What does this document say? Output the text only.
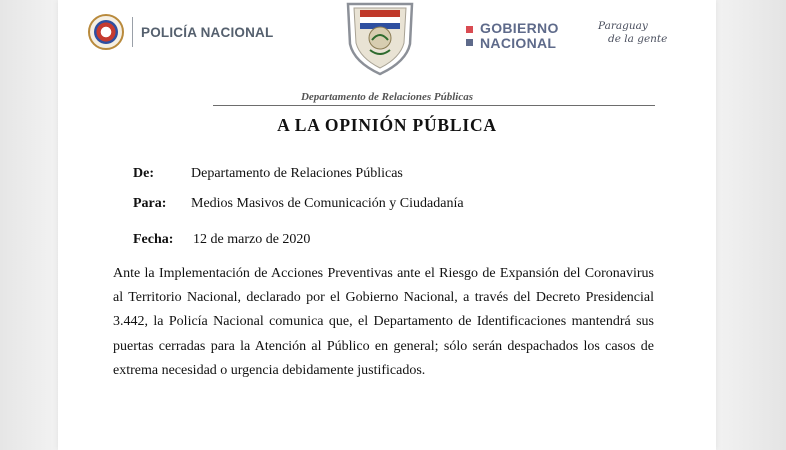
POLICÍA NACIONAL	GOBIERNO
NACIONAL
Paraguay
de la gente
Departamento de Relaciones Públicas
A LA OPINIÓN PÚBLICA
De:	Departamento de Relaciones Públicas
Para: Medios Masivos de Comunicación y Ciudadanía
Fecha: 12 de marzo de 2020
Ante la Implementación de Acciones Preventivas ante el Riesgo de Expansión del Coronavirus al Territorio Nacional, declarado por el Gobierno Nacional, a través del Decreto Presidencial 3.442, la Policía Nacional comunica que, el Departamento de Identificaciones mantendrá sus puertas cerradas para la Atención al Público en general; sólo serán despachados los casos de extrema necesidad o urgencia debidamente justificados.
